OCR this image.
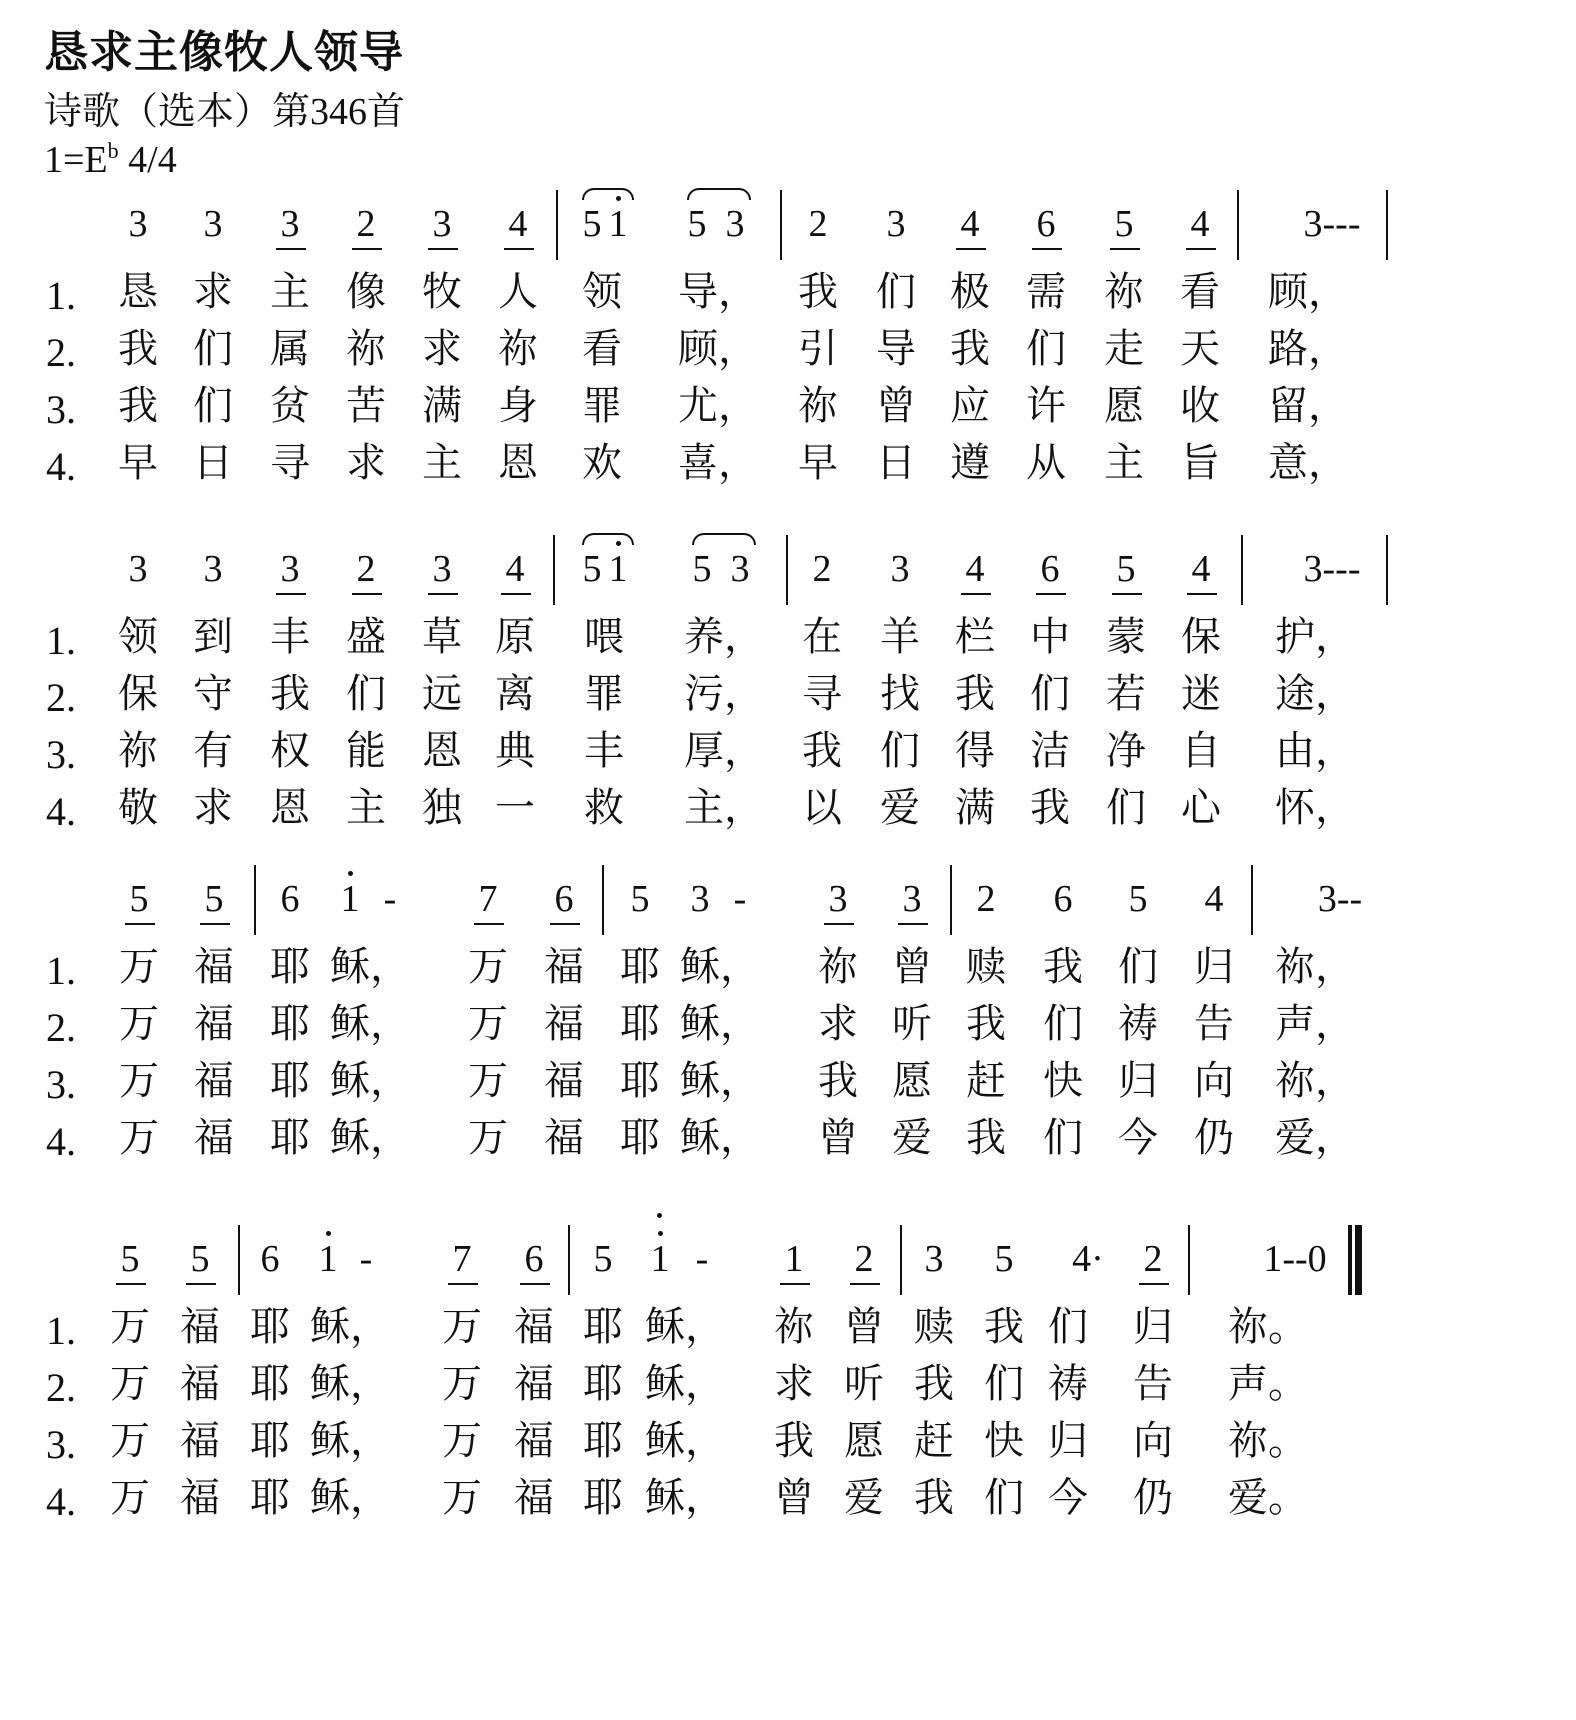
恳求主像牧人领导
诗歌（选本）第346首
$1=E^b$ 4/4
3	3	3	2	3	4	5 1	5 3	2	3	4	6	5	4	3---
1. 恳 求 主 像 牧 人 领 导，	我 们 极 需 祢 看 顾，
2. 我 们 属 祢 求 祢 看 顾，	引 导 我 们 走 天 路，
3. 我 们 贫 苦 满 身 罪 尤，	祢 曾 应 许 愿 收 留，
4. 早 日 寻 求 主 恩 欢 喜，	早 日 遵 从 主 旨 意，
3	3	3	2	3	4	5 1	5 3	2	3	4	6	5	4	3---
1. 领 到 丰 盛 草 原 喂 养， 在 羊 栏 中 蒙 保 护，
2. 保 守 我 们 远 离 罪 污， 寻 找 我 们 若 迷 途，
3. 祢 有 权 能 恩 典 丰 厚， 我 们 得 洁 净 自 由，
4. 敬 求 恩 主 独 一 救 主， 以 爱 满 我 们 心 怀，
5	5	6	1 -	7	6	5	3 -	3	3	2	6	5	4	3--
1. 万 福 耶 稣，	万 福 耶 稣，	祢 曾 赎 我 们 归 祢，
2. 万 福 耶 稣，	万 福 耶 稣，	求 听 我 们 祷 告 声，
3. 万 福 耶 稣，	万 福 耶 稣，	我 愿 赶 快 归 向 祢，
4. 万 福 耶 稣，	万 福 耶 稣，	曾 爱 我 们 今 仍 爱，
5	5	6	1 -	7	6	5	1 -	1	2	3	5	4·	2	1--0
1. 万 福 耶 稣，	万 福 耶 稣，	祢 曾 赎 我 们 归 祢。
2. 万 福 耶 稣，	万 福 耶 稣，	求 听 我 们 祷 告 声。
3. 万 福 耶 稣，	万 福 耶 稣，	我 愿 赶 快 归 向 祢。
4. 万 福 耶 稣，	万 福 耶 稣，	曾 爱 我 们 今 仍 爱。
